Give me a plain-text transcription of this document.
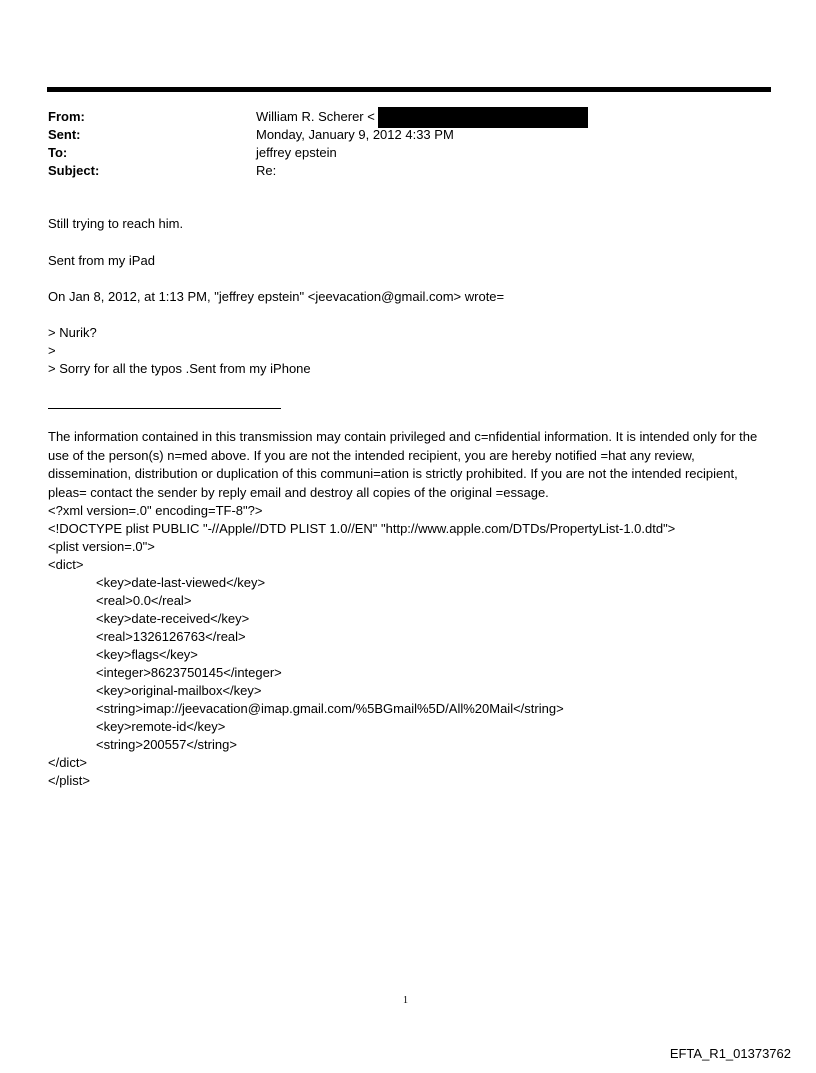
From:	William R. Scherer <
Sent:	Monday, January 9, 2012 4:33 PM
To:	jeffrey epstein
Subject:	Re:
Still trying to reach him.
Sent from my iPad
On Jan 8, 2012, at 1:13 PM, "jeffrey epstein" <jeevacation@gmail.com> wrote=
> Nurik?
>
> Sorry for all the typos .Sent from my iPhone

The information contained in this transmission may contain privileged and c=nfidential information. It is intended only for the use of the person(s) n=med above. If you are not the intended recipient, you are hereby notified =hat any review, dissemination, distribution or duplication of this communi=ation is strictly prohibited. If you are not the intended recipient, pleas= contact the sender by reply email and destroy all copies of the original =essage.

<?xml version=.0" encoding=TF-8"?>
<!DOCTYPE plist PUBLIC "-//Apple//DTD PLIST 1.0//EN" "http://www.apple.com/DTDs/PropertyList-1.0.dtd">
<plist version=.0">
<dict>
<key>date-last-viewed</key>
<real>0.0</real>
<key>date-received</key>
<real>1326126763</real>
<key>flags</key>
<integer>8623750145</integer>
<key>original-mailbox</key>
<string>imap://jeevacation@imap.gmail.com/%5BGmail%5D/All%20Mail</string>
<key>remote-id</key>
<string>200557</string>
</dict>
</plist>
1
EFTA_R1_01373762
